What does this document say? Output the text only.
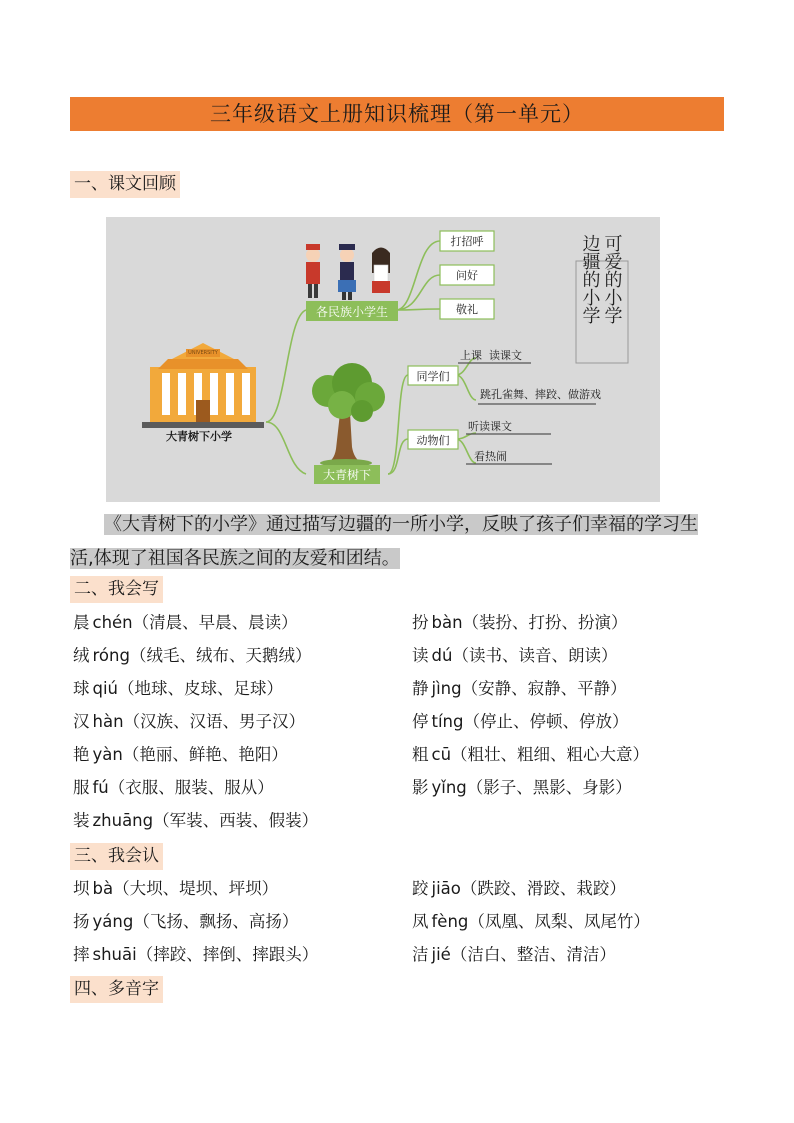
三年级语文上册知识梳理（第一单元）
一、课文回顾
UNIVERSITY
大青树下小学
各民族小学生
大青树下
打招呼
问好
敬礼
同学们
动物们
上课  读课文
跳孔雀舞、摔跤、做游戏
听读课文
看热闹
可爱的小学
边疆的小学
《大青树下的小学》通过描写边疆的一所小学，反映了孩子们幸福的学习生
活,体现了祖国各民族之间的友爱和团结。
二、我会写
晨 chén（清晨、早晨、晨读）
绒 róng（绒毛、绒布、天鹅绒）
球 qiú（地球、皮球、足球）
汉 hàn（汉族、汉语、男子汉）
艳 yàn（艳丽、鲜艳、艳阳）
服 fú（衣服、服装、服从）
装 zhuāng（军装、西装、假装）
扮 bàn（装扮、打扮、扮演）
读 dú（读书、读音、朗读）
静 jìng（安静、寂静、平静）
停 tíng（停止、停顿、停放）
粗 cū（粗壮、粗细、粗心大意）
影 yǐng（影子、黑影、身影）
三、我会认
坝 bà（大坝、堤坝、坪坝）
扬 yáng（飞扬、飘扬、高扬）
摔 shuāi（摔跤、摔倒、摔跟头）
跤 jiāo（跌跤、滑跤、栽跤）
凤 fèng（凤凰、凤梨、凤尾竹）
洁 jié（洁白、整洁、清洁）
四、多音字
